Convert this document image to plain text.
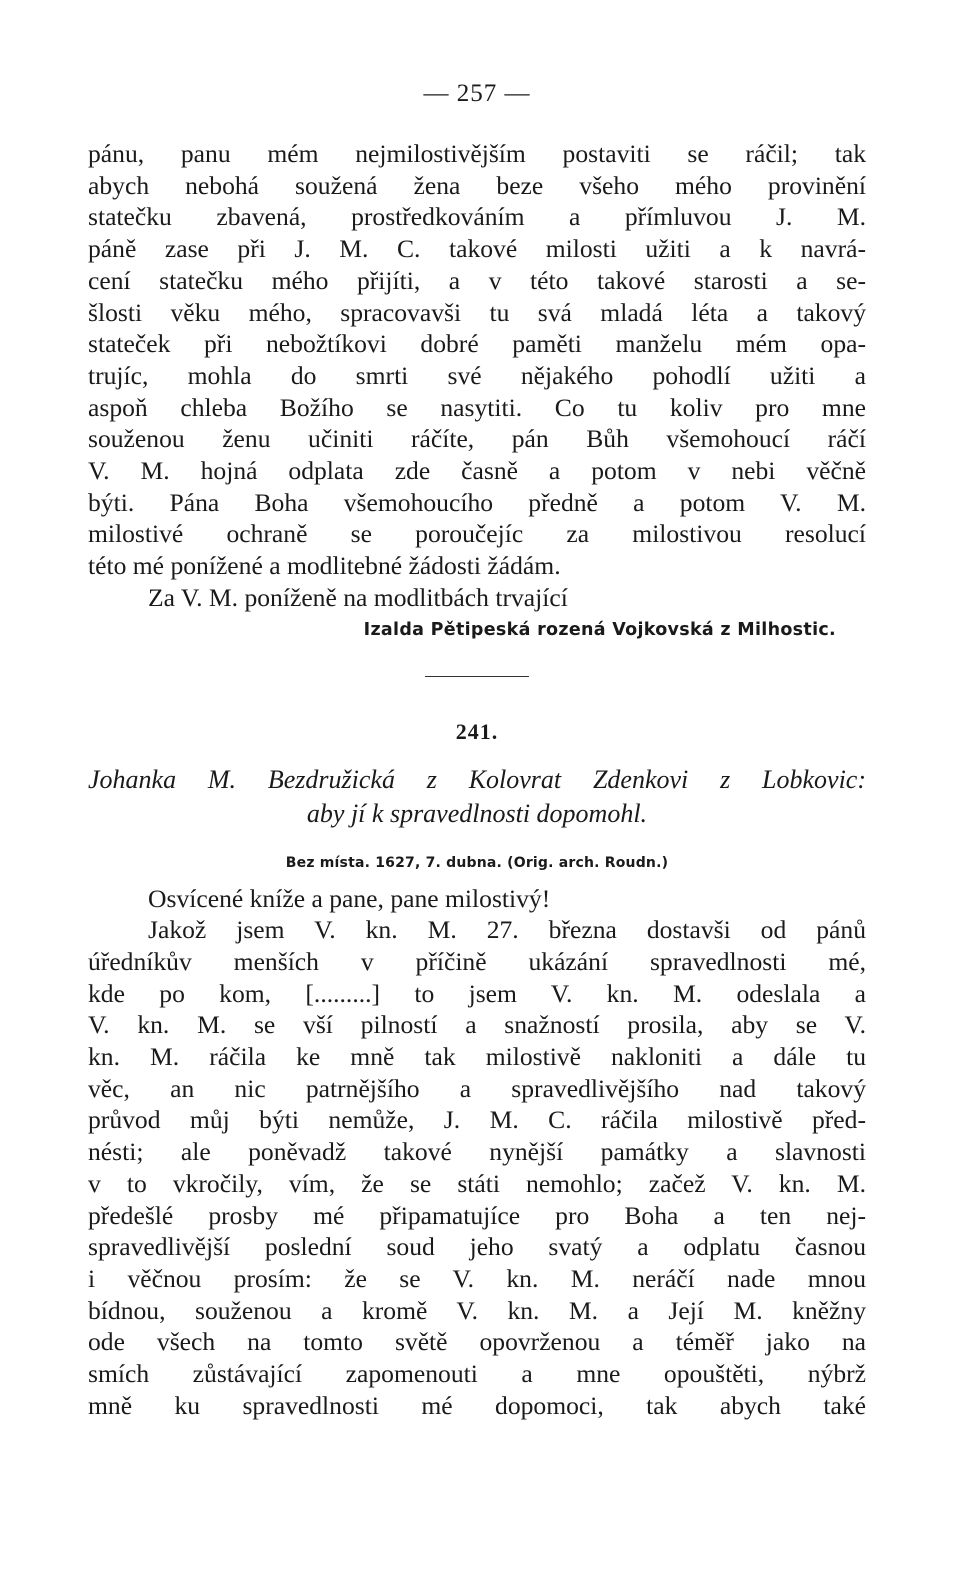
— 257 —
pánu, panu mém nejmilostivějším postaviti se ráčil; tak
abych nebohá soužená žena beze všeho mého provinění
statečku zbavená, prostředkováním a přímluvou J. M.
páně zase při J. M. C. takové milosti užiti a k navrá-
cení statečku mého přijíti, a v této takové starosti a se-
šlosti věku mého, spracovavši tu svá mladá léta a takový
stateček při nebožtíkovi dobré paměti manželu mém opa-
trujíc, mohla do smrti své nějakého pohodlí užiti a
aspoň chleba Božího se nasytiti. Co tu koliv pro mne
souženou ženu učiniti ráčíte, pán Bůh všemohoucí ráčí
V. M. hojná odplata zde časně a potom v nebi věčně
býti. Pána Boha všemohoucího předně a potom V. M.
milostivé ochraně se poroučejíc za milostivou resolucí
této mé ponížené a modlitebné žádosti žádám.
Za V. M. poníženě na modlitbách trvající
Izalda Pětipeská rozená Vojkovská z Milhostic.
241.
Johanka M. Bezdružická z Kolovrat Zdenkovi z Lobkovic:
aby jí k spravedlnosti dopomohl.
Bez místa. 1627, 7. dubna. (Orig. arch. Roudn.)
Osvícené kníže a pane, pane milostivý!
Jakož jsem V. kn. M. 27. března dostavši od pánů
úředníkův menších v příčině ukázání spravedlnosti mé,
kde po kom, [.........] to jsem V. kn. M. odeslala a
V. kn. M. se vší pilností a snažností prosila, aby se V.
kn. M. ráčila ke mně tak milostivě nakloniti a dále tu
věc, an nic patrnějšího a spravedlivějšího nad takový
průvod můj býti nemůže, J. M. C. ráčila milostivě před-
nésti; ale poněvadž takové nynější památky a slavnosti
v to vkročily, vím, že se státi nemohlo; začež V. kn. M.
předešlé prosby mé připamatujíce pro Boha a ten nej-
spravedlivější poslední soud jeho svatý a odplatu časnou
i věčnou prosím: že se V. kn. M. neráčí nade mnou
bídnou, souženou a kromě V. kn. M. a Její M. kněžny
ode všech na tomto světě opovrženou a téměř jako na
smích zůstávající zapomenouti a mne opouštěti, nýbrž
mně ku spravedlnosti mé dopomoci, tak abych také
